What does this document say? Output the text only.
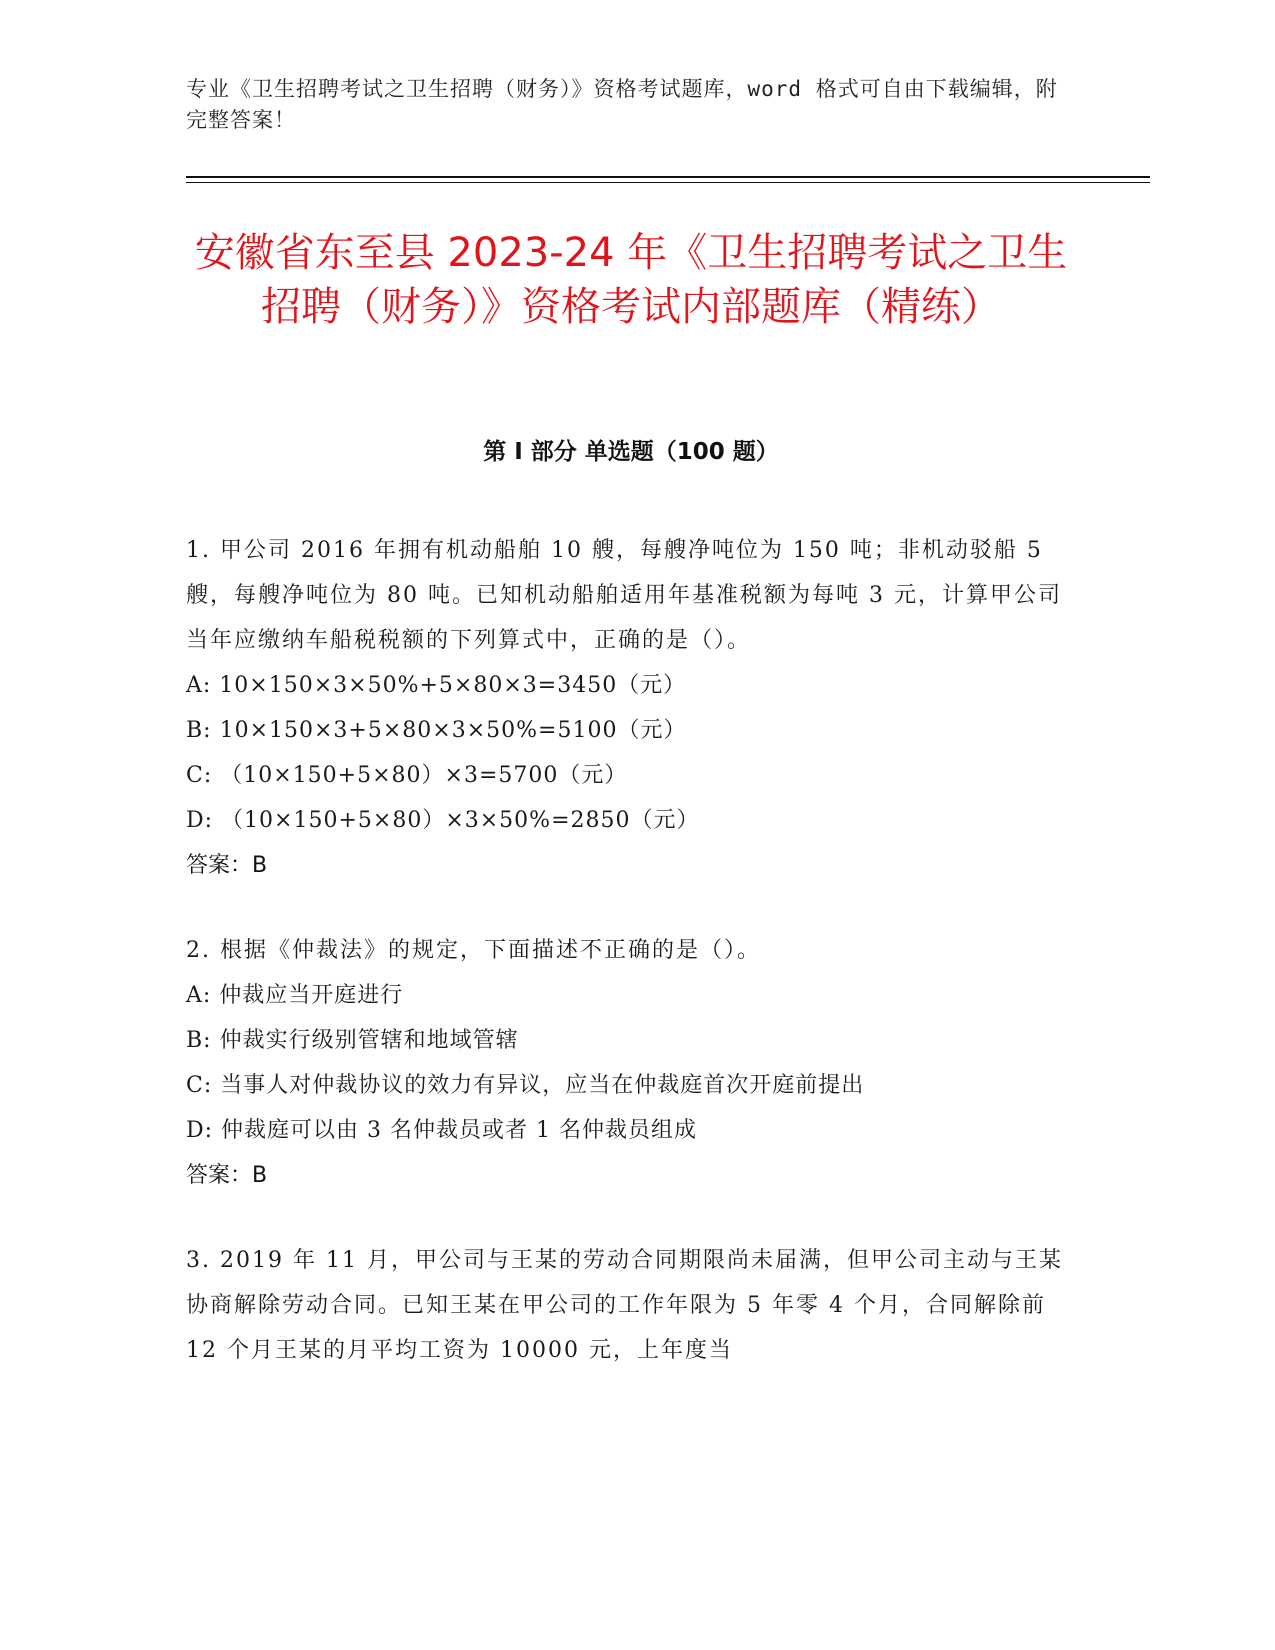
专业《卫生招聘考试之卫生招聘（财务）》资格考试题库，word 格式可自由下载编辑，附完整答案！
安徽省东至县 2023-24 年《卫生招聘考试之卫生招聘（财务）》资格考试内部题库（精练）
第 I 部分 单选题（100 题）
1. 甲公司 2016 年拥有机动船舶 10 艘，每艘净吨位为 150 吨；非机动驳船 5 艘，每艘净吨位为 80 吨。已知机动船舶适用年基准税额为每吨 3 元，计算甲公司当年应缴纳车船税税额的下列算式中，正确的是（）。
A: 10×150×3×50%+5×80×3=3450（元）
B: 10×150×3+5×80×3×50%=5100（元）
C: （10×150+5×80）×3=5700（元）
D: （10×150+5×80）×3×50%=2850（元）
答案：B
2. 根据《仲裁法》的规定，下面描述不正确的是（）。
A: 仲裁应当开庭进行
B: 仲裁实行级别管辖和地域管辖
C: 当事人对仲裁协议的效力有异议，应当在仲裁庭首次开庭前提出
D: 仲裁庭可以由 3 名仲裁员或者 1 名仲裁员组成
答案：B
3. 2019 年 11 月，甲公司与王某的劳动合同期限尚未届满，但甲公司主动与王某协商解除劳动合同。已知王某在甲公司的工作年限为 5 年零 4 个月，合同解除前 12 个月王某的月平均工资为 10000 元，上年度当
